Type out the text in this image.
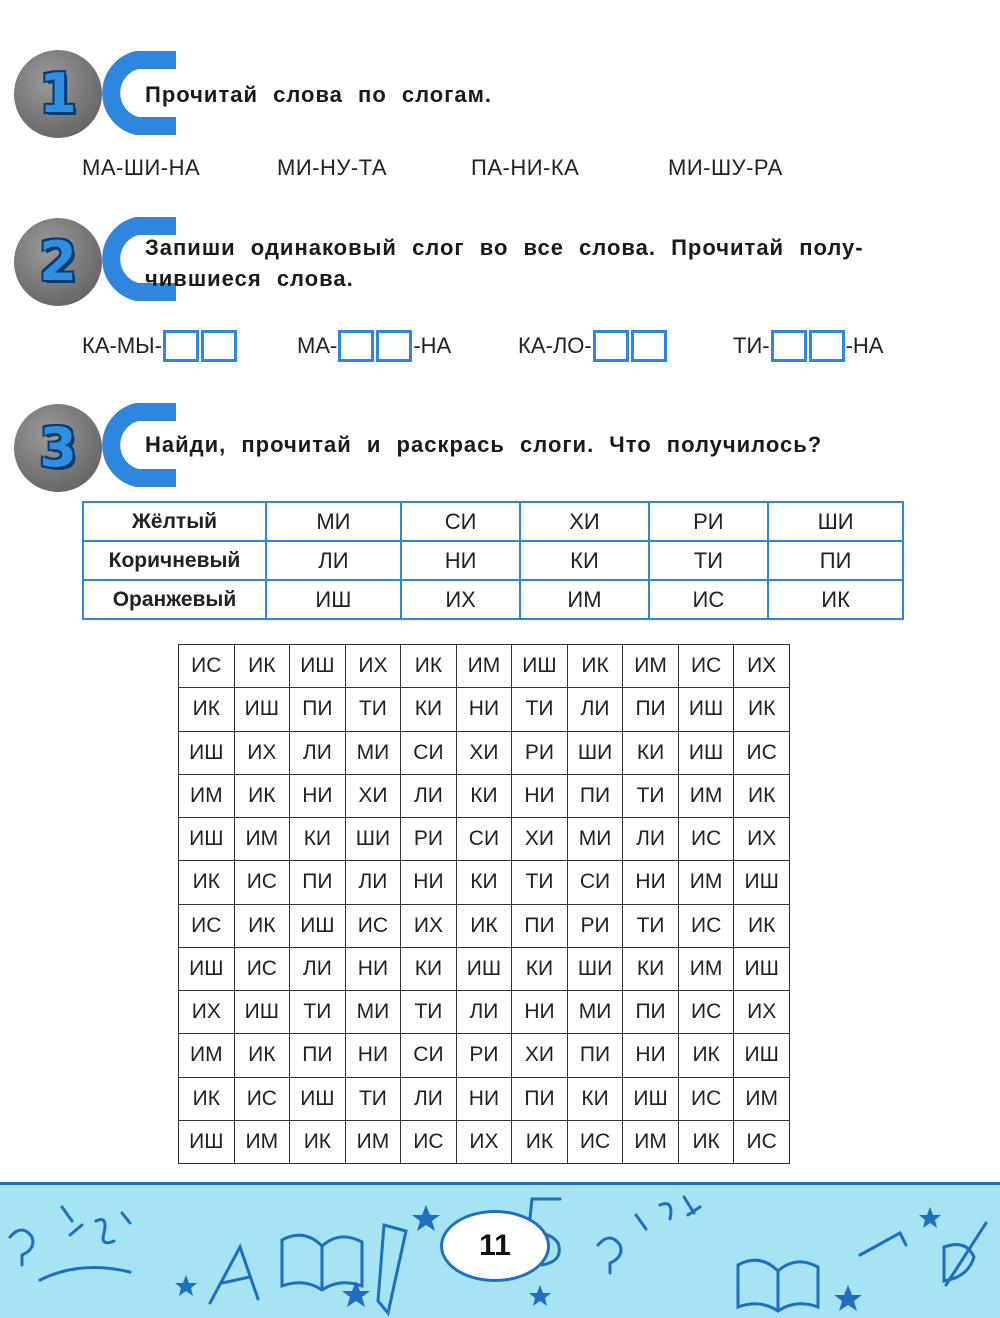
1	Прочитай слова по слогам.
МА-ШИ-НА	МИ-НУ-ТА	ПА-НИ-КА	МИ-ШУ-РА
2	Запиши одинаковый слог во все слова. Прочитай полу-
чившиеся слова.
КА-МЫ-	МА-	-НА	КА-ЛО-	ТИ-	-НА
3	Найди, прочитай и раскрась слоги. Что получилось?
Жёлтый	МИ	СИ	ХИ	РИ	ШИ
Коричневый	ЛИ	НИ	КИ	ТИ	ПИ
Оранжевый	ИШ	ИХ	ИМ	ИС	ИК
ИС	ИК	ИШ	ИХ	ИК	ИМ	ИШ	ИК	ИМ	ИС	ИХ
ИК	ИШ	ПИ	ТИ	КИ	НИ	ТИ	ЛИ	ПИ	ИШ	ИК
ИШ	ИХ	ЛИ	МИ	СИ	ХИ	РИ	ШИ	КИ	ИШ	ИС
ИМ	ИК	НИ	ХИ	ЛИ	КИ	НИ	ПИ	ТИ	ИМ	ИК
ИШ	ИМ	КИ	ШИ	РИ	СИ	ХИ	МИ	ЛИ	ИС	ИХ
ИК	ИС	ПИ	ЛИ	НИ	КИ	ТИ	СИ	НИ	ИМ	ИШ
ИС	ИК	ИШ	ИС	ИХ	ИК	ПИ	РИ	ТИ	ИС	ИК
ИШ	ИС	ЛИ	НИ	КИ	ИШ	КИ	ШИ	КИ	ИМ	ИШ
ИХ	ИШ	ТИ	МИ	ТИ	ЛИ	НИ	МИ	ПИ	ИС	ИХ
ИМ	ИК	ПИ	НИ	СИ	РИ	ХИ	ПИ	НИ	ИК	ИШ
ИК	ИС	ИШ	ТИ	ЛИ	НИ	ПИ	КИ	ИШ	ИС	ИМ
ИШ	ИМ	ИК	ИМ	ИС	ИХ	ИК	ИС	ИМ	ИК	ИС
11
